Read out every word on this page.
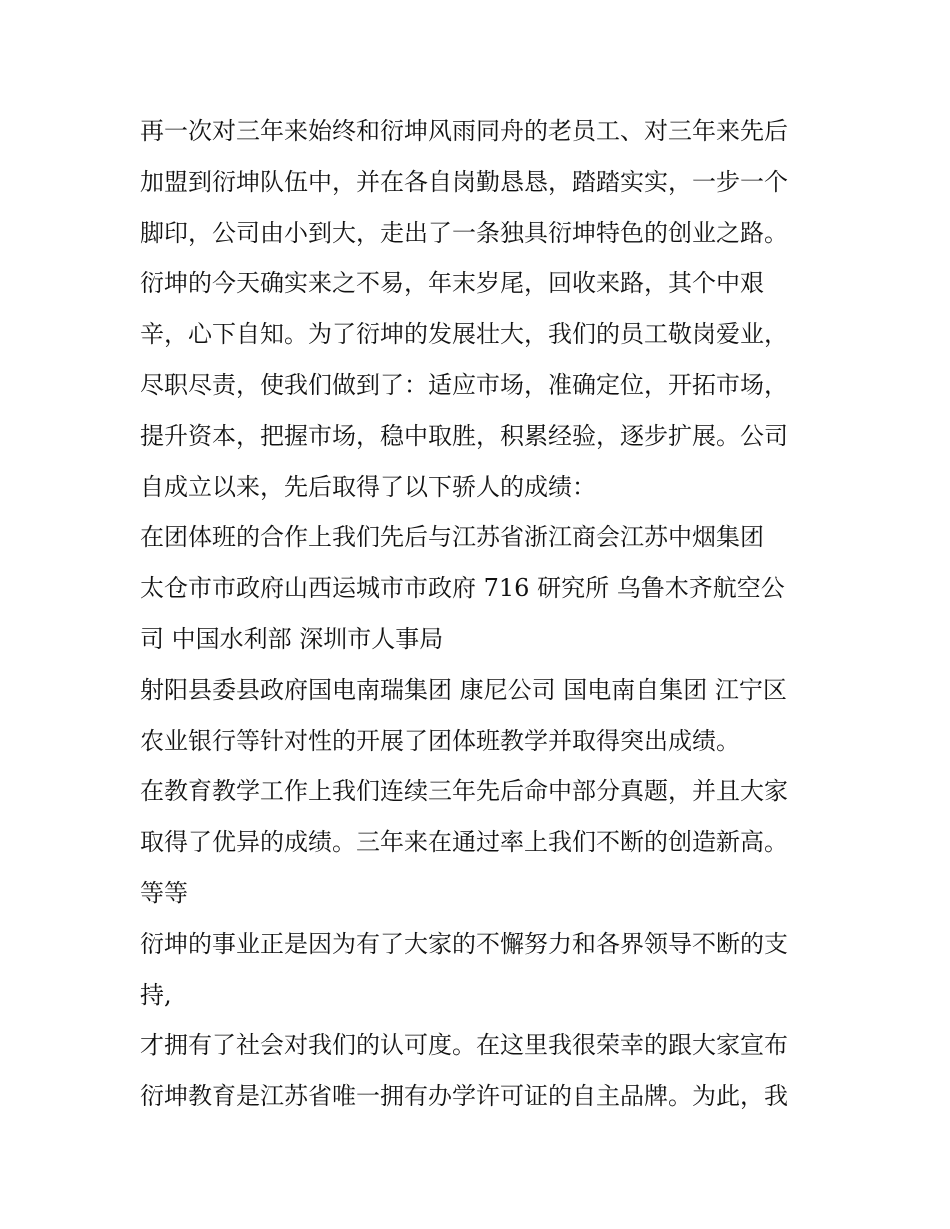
再一次对三年来始终和衍坤风雨同舟的老员工、对三年来先后
加盟到衍坤队伍中，并在各自岗勤恳恳，踏踏实实，一步一个
脚印，公司由小到大，走出了一条独具衍坤特色的创业之路。
衍坤的今天确实来之不易，年末岁尾，回收来路，其个中艰
辛，心下自知。为了衍坤的发展壮大，我们的员工敬岗爱业，
尽职尽责，使我们做到了：适应市场，准确定位，开拓市场，
提升资本，把握市场，稳中取胜，积累经验，逐步扩展。公司
自成立以来，先后取得了以下骄人的成绩：
在团体班的合作上我们先后与江苏省浙江商会江苏中烟集团
太仓市市政府山西运城市市政府 716 研究所 乌鲁木齐航空公
司 中国水利部 深圳市人事局
射阳县委县政府国电南瑞集团 康尼公司 国电南自集团 江宁区
农业银行等针对性的开展了团体班教学并取得突出成绩。
在教育教学工作上我们连续三年先后命中部分真题，并且大家
取得了优异的成绩。三年来在通过率上我们不断的创造新高。
等等
衍坤的事业正是因为有了大家的不懈努力和各界领导不断的支
持,
才拥有了社会对我们的认可度。在这里我很荣幸的跟大家宣布
衍坤教育是江苏省唯一拥有办学许可证的自主品牌。为此，我
